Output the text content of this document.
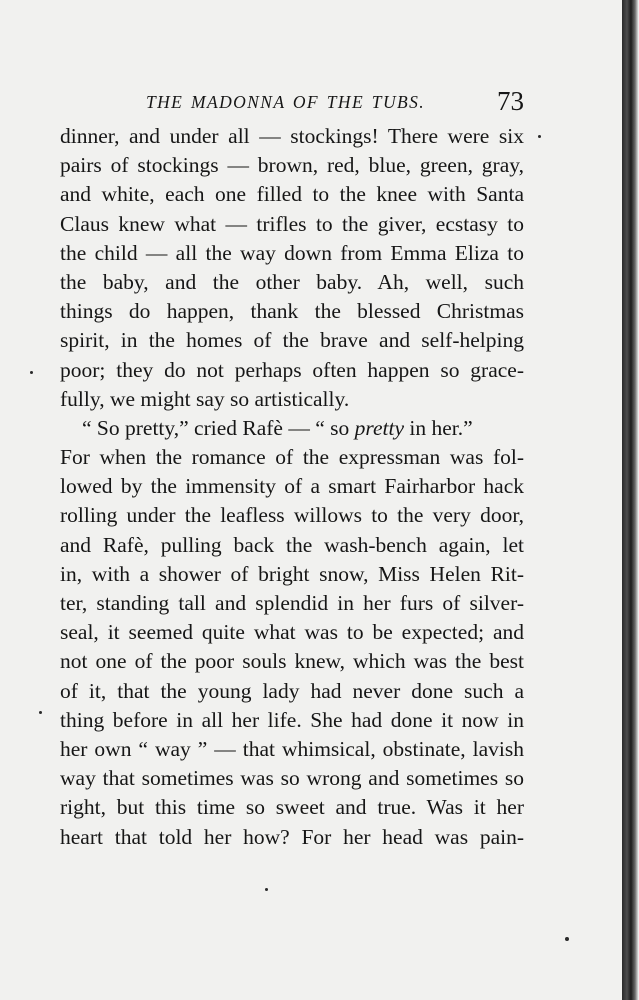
THE MADONNA OF THE TUBS.	73
dinner, and under all — stockings! There were six
pairs of stockings — brown, red, blue, green, gray,
and white, each one filled to the knee with Santa
Claus knew what — trifles to the giver, ecstasy to
the child — all the way down from Emma Eliza to
the baby, and the other baby. Ah, well, such
things do happen, thank the blessed Christmas
spirit, in the homes of the brave and self-helping
poor; they do not perhaps often happen so grace-
fully, we might say so artistically.
“ So pretty,” cried Rafè — “ so pretty in her.”
For when the romance of the expressman was fol-
lowed by the immensity of a smart Fairharbor hack
rolling under the leafless willows to the very door,
and Rafè, pulling back the wash-bench again, let
in, with a shower of bright snow, Miss Helen Rit-
ter, standing tall and splendid in her furs of silver-
seal, it seemed quite what was to be expected; and
not one of the poor souls knew, which was the best
of it, that the young lady had never done such a
thing before in all her life. She had done it now in
her own “ way ” — that whimsical, obstinate, lavish
way that sometimes was so wrong and sometimes so
right, but this time so sweet and true. Was it her
heart that told her how? For her head was pain-
